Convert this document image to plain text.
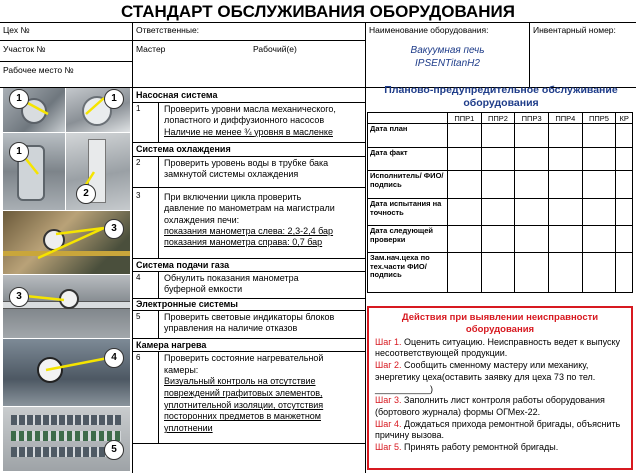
СТАНДАРТ ОБСЛУЖИВАНИЯ ОБОРУДОВАНИЯ
Цех №	Ответственные:	Наименование оборудования:	Инвентарный номер:
Участок №	Мастер	Рабочий(е)
Рабочее место №
Вакуумная печь
IPSENTitanH2
1	1
1
2
3
3
4
5
Насосная система
1	Проверить уровни масла механического,
лопастного и диффузионного насосов
Наличие не менее ¾ уровня в масленке
Система охлаждения
2	Проверить уровень воды в трубке бака
замкнутой системы охлаждения
3	При включении цикла проверить
давление по манометрам на магистрали
охлаждения печи:
показания манометра слева: 2,3-2,4 бар
показания манометра справа: 0,7 бар
Система подачи газа
4	Обнулить показания манометра
буферной емкости
Электронные системы
5	Проверить световые индикаторы блоков
управления на наличие отказов
Камера нагрева
6	Проверить состояние нагревательной
камеры:
Визуальный контроль на отсутствие
повреждений графитовых элементов,
уплотнительной изоляции, отсутствия
посторонних предметов в манжетном
уплотнении
Планово-предупредительное обслуживание
оборудования
	ППР1	ППР2	ППР3	ППР4	ППР5	КР
Дата план						
Дата факт						
Исполнитель/ ФИО/ подпись						
Дата испытания на точность						
Дата следующей проверки						
Зам.нач.цеха по тех.части ФИО/ подпись						
Действия при выявлении неисправности
оборудования
Шаг 1. Оценить ситуацию. Неисправность ведет к выпуску несоответствующей продукции.
Шаг 2. Сообщить сменному мастеру или механику, энергетику цеха(оставить заявку для цеха 73 по тел. ___________)
Шаг 3. Заполнить лист контроля работы оборудования (бортового журнала) формы ОГМех-22.
Шаг 4. Дождаться прихода ремонтной бригады, объяснить причину вызова.
Шаг 5. Принять работу ремонтной бригады.
